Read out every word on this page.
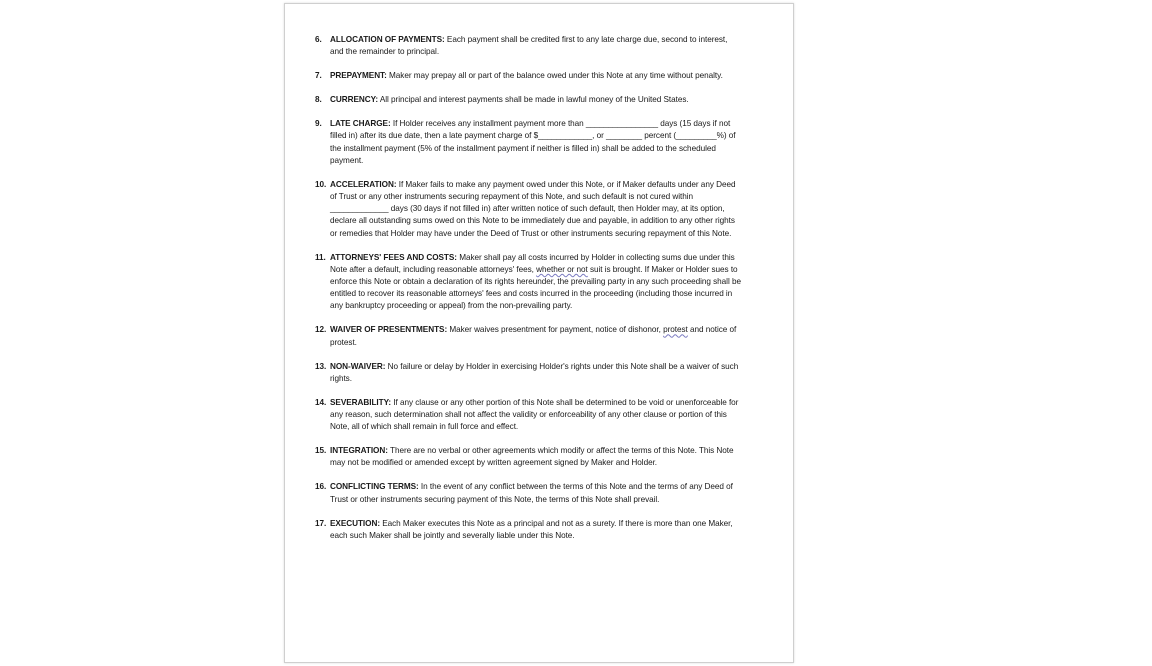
6. ALLOCATION OF PAYMENTS: Each payment shall be credited first to any late charge due, second to interest, and the remainder to principal.
7. PREPAYMENT: Maker may prepay all or part of the balance owed under this Note at any time without penalty.
8. CURRENCY: All principal and interest payments shall be made in lawful money of the United States.
9. LATE CHARGE: If Holder receives any installment payment more than ________________ days (15 days if not filled in) after its due date, then a late payment charge of $____________, or ________ percent (_________%) of the installment payment (5% of the installment payment if neither is filled in) shall be added to the scheduled payment.
10. ACCELERATION: If Maker fails to make any payment owed under this Note, or if Maker defaults under any Deed of Trust or any other instruments securing repayment of this Note, and such default is not cured within _____________ days (30 days if not filled in) after written notice of such default, then Holder may, at its option, declare all outstanding sums owed on this Note to be immediately due and payable, in addition to any other rights or remedies that Holder may have under the Deed of Trust or other instruments securing repayment of this Note.
11. ATTORNEYS' FEES AND COSTS: Maker shall pay all costs incurred by Holder in collecting sums due under this Note after a default, including reasonable attorneys' fees, whether or not suit is brought. If Maker or Holder sues to enforce this Note or obtain a declaration of its rights hereunder, the prevailing party in any such proceeding shall be entitled to recover its reasonable attorneys' fees and costs incurred in the proceeding (including those incurred in any bankruptcy proceeding or appeal) from the non-prevailing party.
12. WAIVER OF PRESENTMENTS: Maker waives presentment for payment, notice of dishonor, protest and notice of protest.
13. NON-WAIVER: No failure or delay by Holder in exercising Holder's rights under this Note shall be a waiver of such rights.
14. SEVERABILITY: If any clause or any other portion of this Note shall be determined to be void or unenforceable for any reason, such determination shall not affect the validity or enforceability of any other clause or portion of this Note, all of which shall remain in full force and effect.
15. INTEGRATION: There are no verbal or other agreements which modify or affect the terms of this Note. This Note may not be modified or amended except by written agreement signed by Maker and Holder.
16. CONFLICTING TERMS: In the event of any conflict between the terms of this Note and the terms of any Deed of Trust or other instruments securing payment of this Note, the terms of this Note shall prevail.
17. EXECUTION: Each Maker executes this Note as a principal and not as a surety. If there is more than one Maker, each such Maker shall be jointly and severally liable under this Note.
